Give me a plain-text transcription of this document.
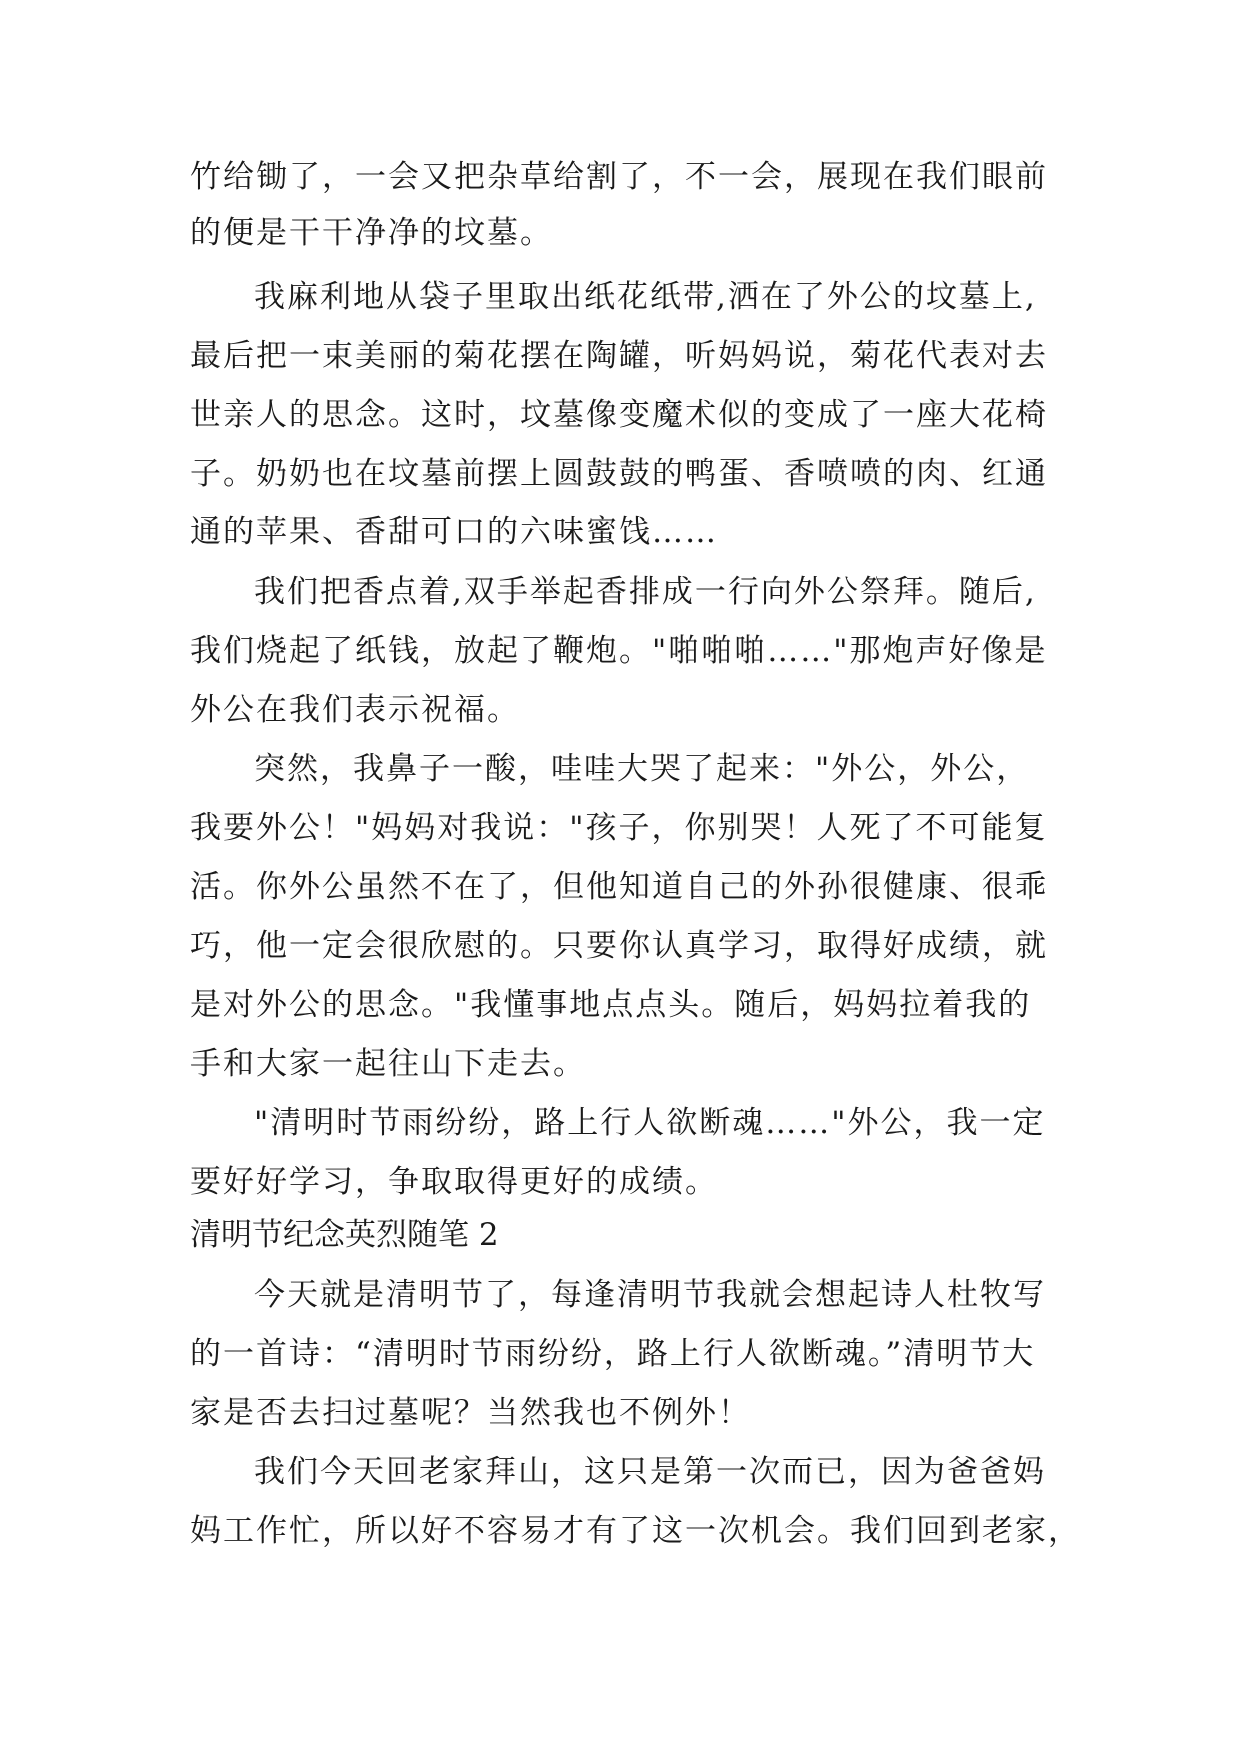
竹给锄了，一会又把杂草给割了，不一会，展现在我们眼前
的便是干干净净的坟墓。
我麻利地从袋子里取出纸花纸带,洒在了外公的坟墓上,
最后把一束美丽的菊花摆在陶罐，听妈妈说，菊花代表对去
世亲人的思念。这时，坟墓像变魔术似的变成了一座大花椅
子。奶奶也在坟墓前摆上圆鼓鼓的鸭蛋、香喷喷的肉、红通
通的苹果、香甜可口的六味蜜饯……
我们把香点着,双手举起香排成一行向外公祭拜。随后,
我们烧起了纸钱，放起了鞭炮。"啪啪啪……"那炮声好像是
外公在我们表示祝福。
突然，我鼻子一酸，哇哇大哭了起来："外公，外公，
我要外公！"妈妈对我说："孩子，你别哭！人死了不可能复
活。你外公虽然不在了，但他知道自己的外孙很健康、很乖
巧，他一定会很欣慰的。只要你认真学习，取得好成绩，就
是对外公的思念。"我懂事地点点头。随后，妈妈拉着我的
手和大家一起往山下走去。
"清明时节雨纷纷，路上行人欲断魂……"外公，我一定
要好好学习，争取取得更好的成绩。
清明节纪念英烈随笔 2
今天就是清明节了，每逢清明节我就会想起诗人杜牧写
的一首诗：“清明时节雨纷纷，路上行人欲断魂。”清明节大
家是否去扫过墓呢？当然我也不例外！
我们今天回老家拜山，这只是第一次而已，因为爸爸妈
妈工作忙，所以好不容易才有了这一次机会。我们回到老家，
